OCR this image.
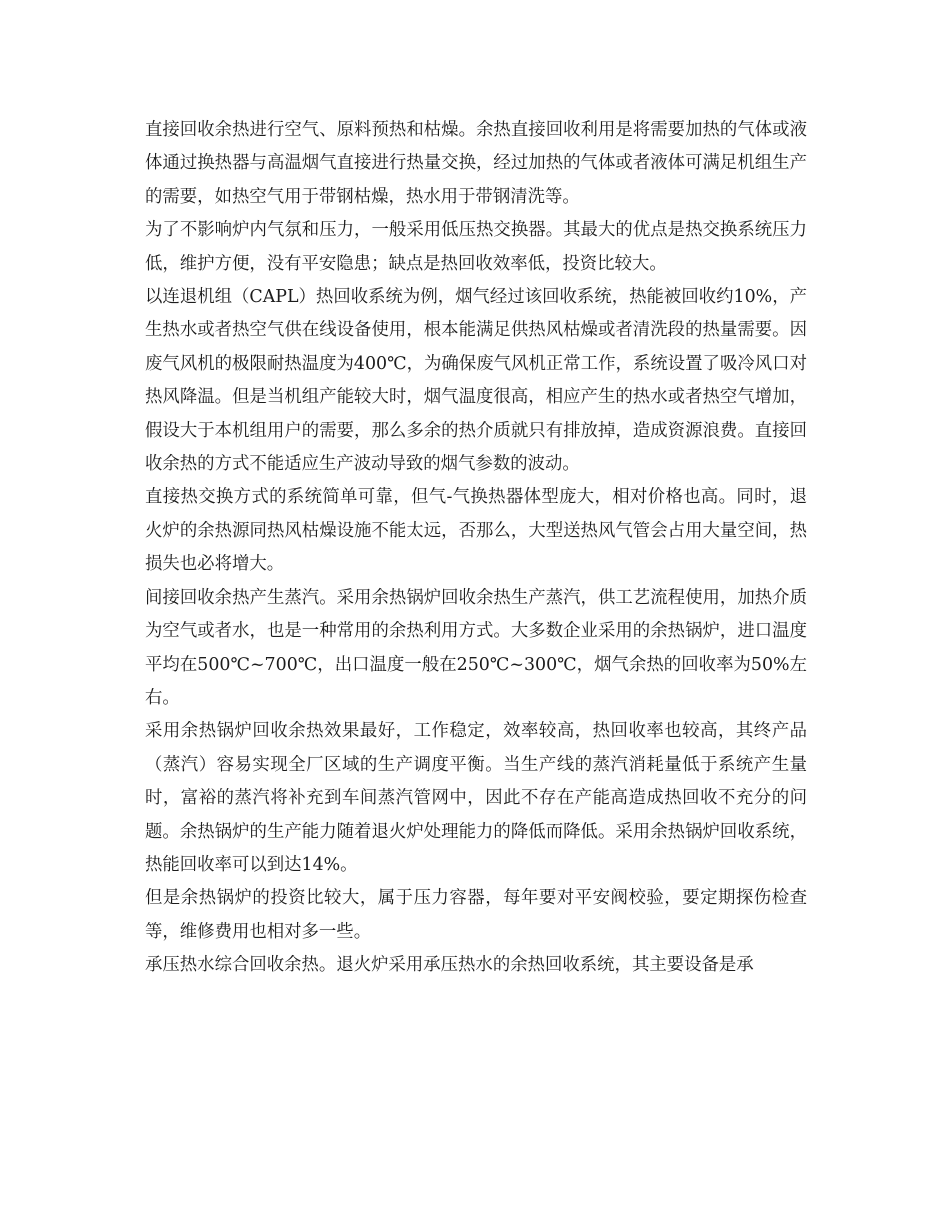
直接回收余热进行空气、原料预热和枯燥。余热直接回收利用是将需要加热的气体或液体通过换热器与高温烟气直接进行热量交换，经过加热的气体或者液体可满足机组生产的需要，如热空气用于带钢枯燥，热水用于带钢清洗等。

为了不影响炉内气氛和压力，一般采用低压热交换器。其最大的优点是热交换系统压力低，维护方便，没有平安隐患；缺点是热回收效率低，投资比较大。

以连退机组（CAPL）热回收系统为例，烟气经过该回收系统，热能被回收约10%，产生热水或者热空气供在线设备使用，根本能满足供热风枯燥或者清洗段的热量需要。因废气风机的极限耐热温度为400℃，为确保废气风机正常工作，系统设置了吸冷风口对热风降温。但是当机组产能较大时，烟气温度很高，相应产生的热水或者热空气增加，假设大于本机组用户的需要，那么多余的热介质就只有排放掉，造成资源浪费。直接回收余热的方式不能适应生产波动导致的烟气参数的波动。

直接热交换方式的系统简单可靠，但气-气换热器体型庞大，相对价格也高。同时，退火炉的余热源同热风枯燥设施不能太远，否那么，大型送热风气管会占用大量空间，热损失也必将增大。

间接回收余热产生蒸汽。采用余热锅炉回收余热生产蒸汽，供工艺流程使用，加热介质为空气或者水，也是一种常用的余热利用方式。大多数企业采用的余热锅炉，进口温度平均在500℃~700℃，出口温度一般在250℃~300℃，烟气余热的回收率为50%左右。

采用余热锅炉回收余热效果最好，工作稳定，效率较高，热回收率也较高，其终产品（蒸汽）容易实现全厂区域的生产调度平衡。当生产线的蒸汽消耗量低于系统产生量时，富裕的蒸汽将补充到车间蒸汽管网中，因此不存在产能高造成热回收不充分的问题。余热锅炉的生产能力随着退火炉处理能力的降低而降低。采用余热锅炉回收系统，热能回收率可以到达14%。

但是余热锅炉的投资比较大，属于压力容器，每年要对平安阀校验，要定期探伤检查等，维修费用也相对多一些。

承压热水综合回收余热。退火炉采用承压热水的余热回收系统，其主要设备是承
